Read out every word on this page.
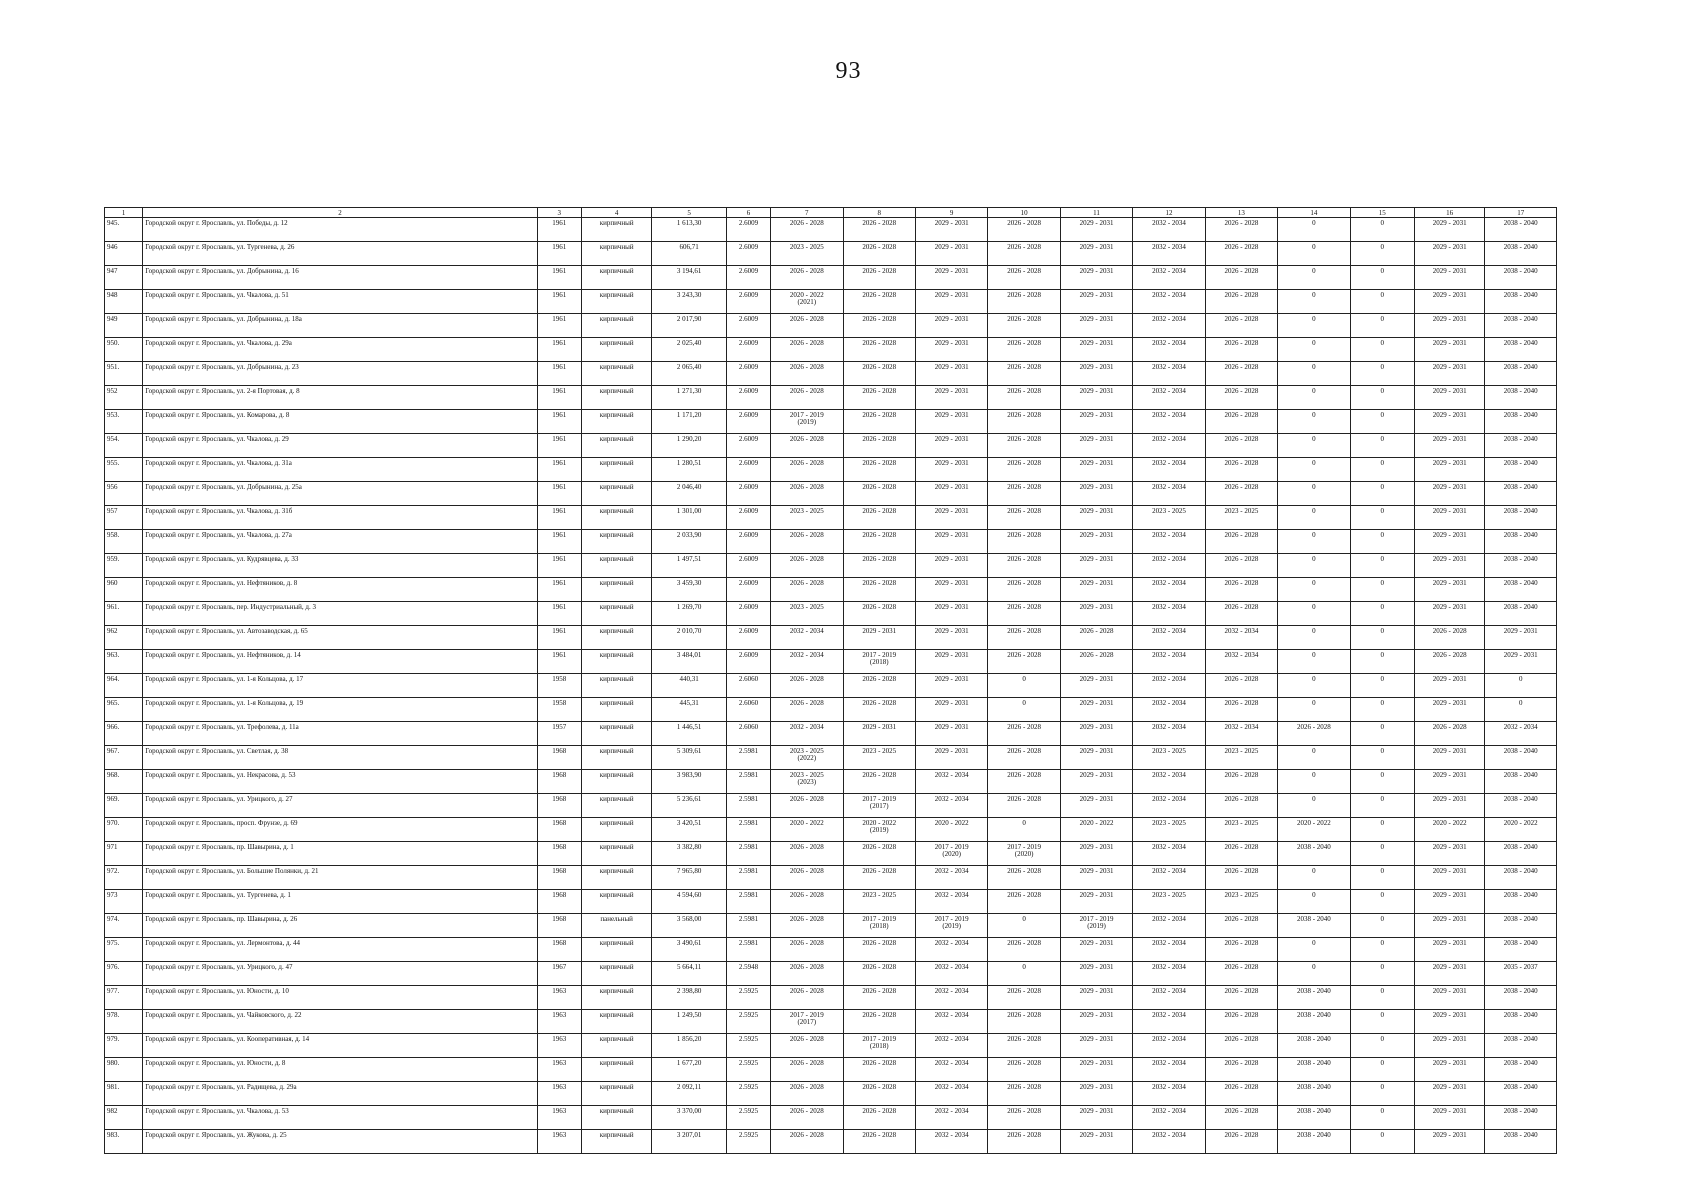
93
1	2	3	4	5	6	7	8	9	10	11	12	13	14	15	16	17
945.	Городской округ г. Ярославль, ул. Победы, д. 12	1961	кирпичный	1 613,30	2.6009	2026 - 2028	2026 - 2028	2029 - 2031	2026 - 2028	2029 - 2031	2032 - 2034	2026 - 2028	0	0	2029 - 2031	2038 - 2040
946	Городской округ г. Ярославль, ул. Тургенева, д. 26	1961	кирпичный	606,71	2.6009	2023 - 2025	2026 - 2028	2029 - 2031	2026 - 2028	2029 - 2031	2032 - 2034	2026 - 2028	0	0	2029 - 2031	2038 - 2040
947	Городской округ г. Ярославль, ул. Добрынина, д. 16	1961	кирпичный	3 194,61	2.6009	2026 - 2028	2026 - 2028	2029 - 2031	2026 - 2028	2029 - 2031	2032 - 2034	2026 - 2028	0	0	2029 - 2031	2038 - 2040
948	Городской округ г. Ярославль, ул. Чкалова, д. 51	1961	кирпичный	3 243,30	2.6009	2020 - 2022
(2021)	2026 - 2028	2029 - 2031	2026 - 2028	2029 - 2031	2032 - 2034	2026 - 2028	0	0	2029 - 2031	2038 - 2040
949	Городской округ г. Ярославль, ул. Добрынина, д. 18а	1961	кирпичный	2 017,90	2.6009	2026 - 2028	2026 - 2028	2029 - 2031	2026 - 2028	2029 - 2031	2032 - 2034	2026 - 2028	0	0	2029 - 2031	2038 - 2040
950.	Городской округ г. Ярославль, ул. Чкалова, д. 29а	1961	кирпичный	2 025,40	2.6009	2026 - 2028	2026 - 2028	2029 - 2031	2026 - 2028	2029 - 2031	2032 - 2034	2026 - 2028	0	0	2029 - 2031	2038 - 2040
951.	Городской округ г. Ярославль, ул. Добрынина, д. 23	1961	кирпичный	2 065,40	2.6009	2026 - 2028	2026 - 2028	2029 - 2031	2026 - 2028	2029 - 2031	2032 - 2034	2026 - 2028	0	0	2029 - 2031	2038 - 2040
952	Городской округ г. Ярославль, ул. 2-я Портовая, д. 8	1961	кирпичный	1 271,30	2.6009	2026 - 2028	2026 - 2028	2029 - 2031	2026 - 2028	2029 - 2031	2032 - 2034	2026 - 2028	0	0	2029 - 2031	2038 - 2040
953.	Городской округ г. Ярославль, ул. Комарова, д. 8	1961	кирпичный	1 171,20	2.6009	2017 - 2019
(2019)	2026 - 2028	2029 - 2031	2026 - 2028	2029 - 2031	2032 - 2034	2026 - 2028	0	0	2029 - 2031	2038 - 2040
954.	Городской округ г. Ярославль, ул. Чкалова, д. 29	1961	кирпичный	1 290,20	2.6009	2026 - 2028	2026 - 2028	2029 - 2031	2026 - 2028	2029 - 2031	2032 - 2034	2026 - 2028	0	0	2029 - 2031	2038 - 2040
955.	Городской округ г. Ярославль, ул. Чкалова, д. 31а	1961	кирпичный	1 280,51	2.6009	2026 - 2028	2026 - 2028	2029 - 2031	2026 - 2028	2029 - 2031	2032 - 2034	2026 - 2028	0	0	2029 - 2031	2038 - 2040
956	Городской округ г. Ярославль, ул. Добрынина, д. 25а	1961	кирпичный	2 046,40	2.6009	2026 - 2028	2026 - 2028	2029 - 2031	2026 - 2028	2029 - 2031	2032 - 2034	2026 - 2028	0	0	2029 - 2031	2038 - 2040
957	Городской округ г. Ярославль, ул. Чкалова, д. 31б	1961	кирпичный	1 301,00	2.6009	2023 - 2025	2026 - 2028	2029 - 2031	2026 - 2028	2029 - 2031	2023 - 2025	2023 - 2025	0	0	2029 - 2031	2038 - 2040
958.	Городской округ г. Ярославль, ул. Чкалова, д. 27а	1961	кирпичный	2 033,90	2.6009	2026 - 2028	2026 - 2028	2029 - 2031	2026 - 2028	2029 - 2031	2032 - 2034	2026 - 2028	0	0	2029 - 2031	2038 - 2040
959.	Городской округ г. Ярославль, ул. Кудрявцева, д. 33	1961	кирпичный	1 497,51	2.6009	2026 - 2028	2026 - 2028	2029 - 2031	2026 - 2028	2029 - 2031	2032 - 2034	2026 - 2028	0	0	2029 - 2031	2038 - 2040
960	Городской округ г. Ярославль, ул. Нефтяников, д. 8	1961	кирпичный	3 459,30	2.6009	2026 - 2028	2026 - 2028	2029 - 2031	2026 - 2028	2029 - 2031	2032 - 2034	2026 - 2028	0	0	2029 - 2031	2038 - 2040
961.	Городской округ г. Ярославль, пер. Индустриальный, д. 3	1961	кирпичный	1 269,70	2.6009	2023 - 2025	2026 - 2028	2029 - 2031	2026 - 2028	2029 - 2031	2032 - 2034	2026 - 2028	0	0	2029 - 2031	2038 - 2040
962	Городской округ г. Ярославль, ул. Автозаводская, д. 65	1961	кирпичный	2 010,70	2.6009	2032 - 2034	2029 - 2031	2029 - 2031	2026 - 2028	2026 - 2028	2032 - 2034	2032 - 2034	0	0	2026 - 2028	2029 - 2031
963.	Городской округ г. Ярославль, ул. Нефтяников, д. 14	1961	кирпичный	3 484,01	2.6009	2032 - 2034	2017 - 2019
(2018)	2029 - 2031	2026 - 2028	2026 - 2028	2032 - 2034	2032 - 2034	0	0	2026 - 2028	2029 - 2031
964.	Городской округ г. Ярославль, ул. 1-я Кольцова, д. 17	1958	кирпичный	440,31	2.6060	2026 - 2028	2026 - 2028	2029 - 2031	0	2029 - 2031	2032 - 2034	2026 - 2028	0	0	2029 - 2031	0
965.	Городской округ г. Ярославль, ул. 1-я Кольцова, д. 19	1958	кирпичный	445,31	2.6060	2026 - 2028	2026 - 2028	2029 - 2031	0	2029 - 2031	2032 - 2034	2026 - 2028	0	0	2029 - 2031	0
966.	Городской округ г. Ярославль, ул. Трефолева, д. 11а	1957	кирпичный	1 446,51	2.6060	2032 - 2034	2029 - 2031	2029 - 2031	2026 - 2028	2029 - 2031	2032 - 2034	2032 - 2034	2026 - 2028	0	2026 - 2028	2032 - 2034
967.	Городской округ г. Ярославль, ул. Светлая, д. 38	1968	кирпичный	5 309,61	2.5981	2023 - 2025
(2022)	2023 - 2025	2029 - 2031	2026 - 2028	2029 - 2031	2023 - 2025	2023 - 2025	0	0	2029 - 2031	2038 - 2040
968.	Городской округ г. Ярославль, ул. Некрасова, д. 53	1968	кирпичный	3 983,90	2.5981	2023 - 2025
(2023)	2026 - 2028	2032 - 2034	2026 - 2028	2029 - 2031	2032 - 2034	2026 - 2028	0	0	2029 - 2031	2038 - 2040
969.	Городской округ г. Ярославль, ул. Урицкого, д. 27	1968	кирпичный	5 236,61	2.5981	2026 - 2028	2017 - 2019
(2017)	2032 - 2034	2026 - 2028	2029 - 2031	2032 - 2034	2026 - 2028	0	0	2029 - 2031	2038 - 2040
970.	Городской округ г. Ярославль, просп. Фрунзе, д. 69	1968	кирпичный	3 420,51	2.5981	2020 - 2022	2020 - 2022
(2019)	2020 - 2022	0	2020 - 2022	2023 - 2025	2023 - 2025	2020 - 2022	0	2020 - 2022	2020 - 2022
971	Городской округ г. Ярославль, пр. Шавырина, д. 1	1968	кирпичный	3 382,80	2.5981	2026 - 2028	2026 - 2028	2017 - 2019
(2020)	2017 - 2019
(2020)	2029 - 2031	2032 - 2034	2026 - 2028	2038 - 2040	0	2029 - 2031	2038 - 2040
972.	Городской округ г. Ярославль, ул. Большие Полянки, д. 21	1968	кирпичный	7 965,80	2.5981	2026 - 2028	2026 - 2028	2032 - 2034	2026 - 2028	2029 - 2031	2032 - 2034	2026 - 2028	0	0	2029 - 2031	2038 - 2040
973	Городской округ г. Ярославль, ул. Тургенева, д. 1	1968	кирпичный	4 594,60	2.5981	2026 - 2028	2023 - 2025	2032 - 2034	2026 - 2028	2029 - 2031	2023 - 2025	2023 - 2025	0	0	2029 - 2031	2038 - 2040
974.	Городской округ г. Ярославль, пр. Шавырина, д. 26	1968	панельный	3 568,00	2.5981	2026 - 2028	2017 - 2019
(2018)	2017 - 2019
(2019)	0	2017 - 2019
(2019)	2032 - 2034	2026 - 2028	2038 - 2040	0	2029 - 2031	2038 - 2040
975.	Городской округ г. Ярославль, ул. Лермонтова, д. 44	1968	кирпичный	3 490,61	2.5981	2026 - 2028	2026 - 2028	2032 - 2034	2026 - 2028	2029 - 2031	2032 - 2034	2026 - 2028	0	0	2029 - 2031	2038 - 2040
976.	Городской округ г. Ярославль, ул. Урицкого, д. 47	1967	кирпичный	5 664,11	2.5948	2026 - 2028	2026 - 2028	2032 - 2034	0	2029 - 2031	2032 - 2034	2026 - 2028	0	0	2029 - 2031	2035 - 2037
977.	Городской округ г. Ярославль, ул. Юности, д. 10	1963	кирпичный	2 398,80	2.5925	2026 - 2028	2026 - 2028	2032 - 2034	2026 - 2028	2029 - 2031	2032 - 2034	2026 - 2028	2038 - 2040	0	2029 - 2031	2038 - 2040
978.	Городской округ г. Ярославль, ул. Чайковского, д. 22	1963	кирпичный	1 249,50	2.5925	2017 - 2019
(2017)	2026 - 2028	2032 - 2034	2026 - 2028	2029 - 2031	2032 - 2034	2026 - 2028	2038 - 2040	0	2029 - 2031	2038 - 2040
979.	Городской округ г. Ярославль, ул. Кооперативная, д. 14	1963	кирпичный	1 856,20	2.5925	2026 - 2028	2017 - 2019
(2018)	2032 - 2034	2026 - 2028	2029 - 2031	2032 - 2034	2026 - 2028	2038 - 2040	0	2029 - 2031	2038 - 2040
980.	Городской округ г. Ярославль, ул. Юности, д. 8	1963	кирпичный	1 677,20	2.5925	2026 - 2028	2026 - 2028	2032 - 2034	2026 - 2028	2029 - 2031	2032 - 2034	2026 - 2028	2038 - 2040	0	2029 - 2031	2038 - 2040
981.	Городской округ г. Ярославль, ул. Радищева, д. 29а	1963	кирпичный	2 092,11	2.5925	2026 - 2028	2026 - 2028	2032 - 2034	2026 - 2028	2029 - 2031	2032 - 2034	2026 - 2028	2038 - 2040	0	2029 - 2031	2038 - 2040
982	Городской округ г. Ярославль, ул. Чкалова, д. 53	1963	кирпичный	3 370,00	2.5925	2026 - 2028	2026 - 2028	2032 - 2034	2026 - 2028	2029 - 2031	2032 - 2034	2026 - 2028	2038 - 2040	0	2029 - 2031	2038 - 2040
983.	Городской округ г. Ярославль, ул. Жукова, д. 25	1963	кирпичный	3 207,01	2.5925	2026 - 2028	2026 - 2028	2032 - 2034	2026 - 2028	2029 - 2031	2032 - 2034	2026 - 2028	2038 - 2040	0	2029 - 2031	2038 - 2040
